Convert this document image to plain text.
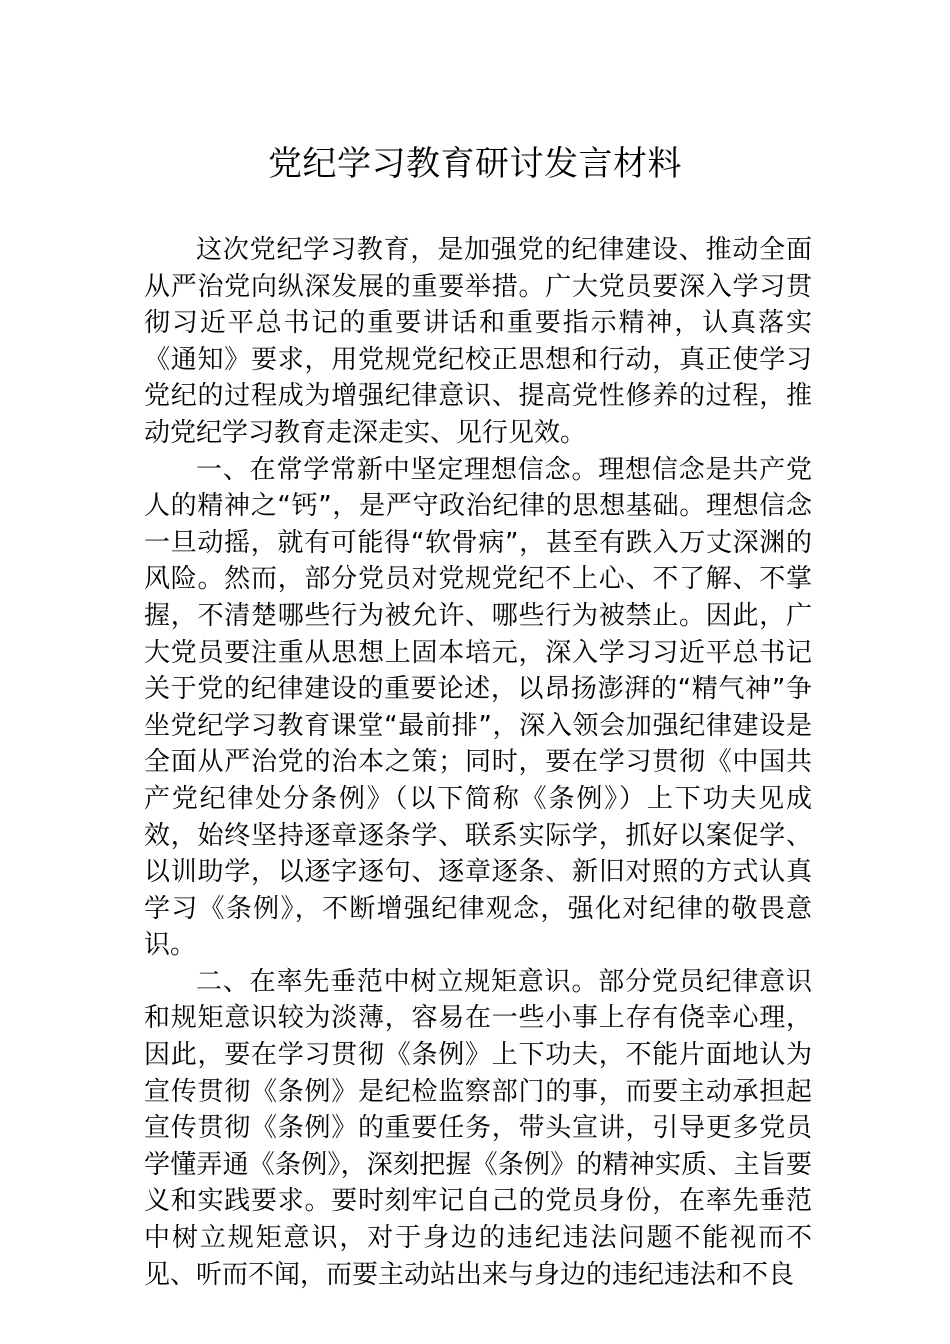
党纪学习教育研讨发言材料

这次党纪学习教育，是加强党的纪律建设、推动全面从严治党向纵深发展的重要举措。广大党员要深入学习贯彻习近平总书记的重要讲话和重要指示精神，认真落实《通知》要求，用党规党纪校正思想和行动，真正使学习党纪的过程成为增强纪律意识、提高党性修养的过程，推动党纪学习教育走深走实、见行见效。

一、在常学常新中坚定理想信念。理想信念是共产党人的精神之“钙”，是严守政治纪律的思想基础。理想信念一旦动摇，就有可能得“软骨病”，甚至有跌入万丈深渊的风险。然而，部分党员对党规党纪不上心、不了解、不掌握，不清楚哪些行为被允许、哪些行为被禁止。因此，广大党员要注重从思想上固本培元，深入学习习近平总书记关于党的纪律建设的重要论述，以昂扬澎湃的“精气神”争坐党纪学习教育课堂“最前排”，深入领会加强纪律建设是全面从严治党的治本之策；同时，要在学习贯彻《中国共产党纪律处分条例》（以下简称《条例》）上下功夫见成效，始终坚持逐章逐条学、联系实际学，抓好以案促学、以训助学，以逐字逐句、逐章逐条、新旧对照的方式认真学习《条例》，不断增强纪律观念，强化对纪律的敬畏意识。

二、在率先垂范中树立规矩意识。部分党员纪律意识和规矩意识较为淡薄，容易在一些小事上存有侥幸心理，因此，要在学习贯彻《条例》上下功夫，不能片面地认为宣传贯彻《条例》是纪检监察部门的事，而要主动承担起宣传贯彻《条例》的重要任务，带头宣讲，引导更多党员学懂弄通《条例》，深刻把握《条例》的精神实质、主旨要义和实践要求。要时刻牢记自己的党员身份，在率先垂范中树立规矩意识，对于身边的违纪违法问题不能视而不见、听而不闻，而要主动站出来与身边的违纪违法和不良
